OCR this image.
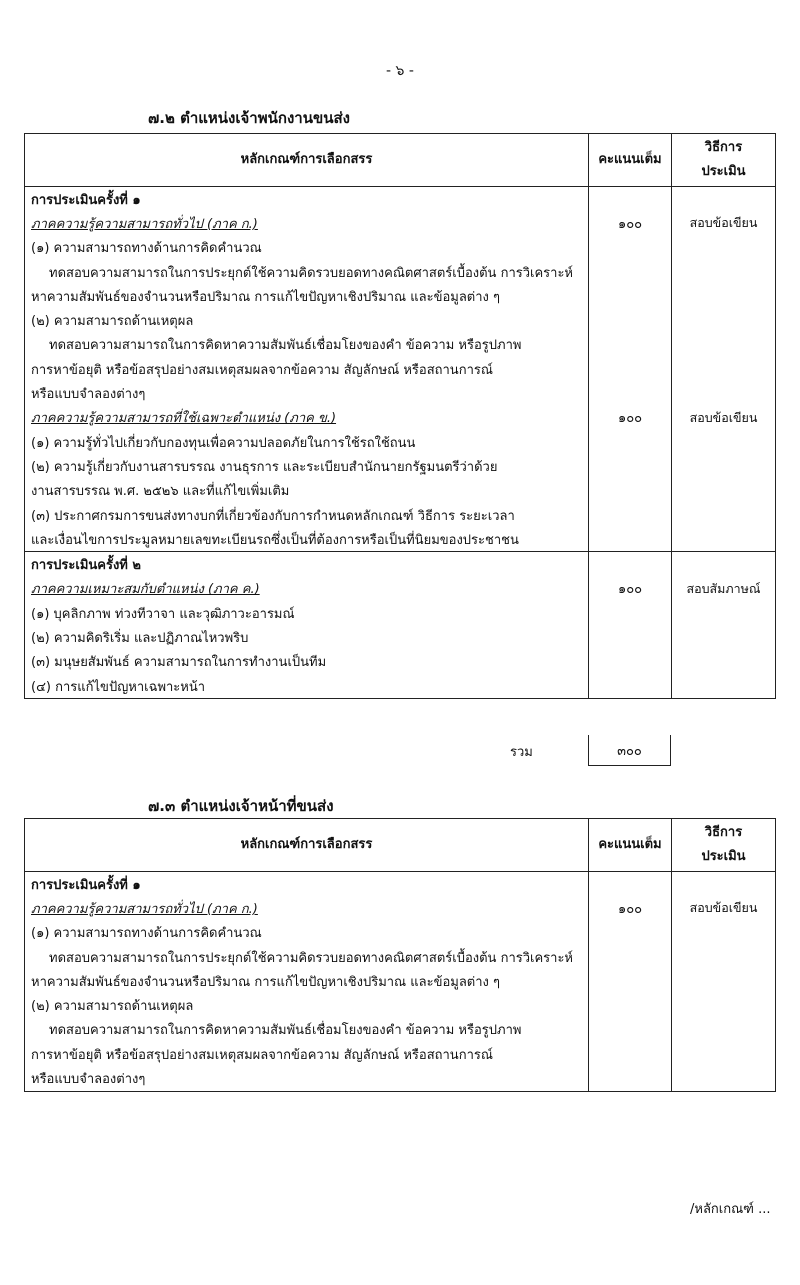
- ๖ -
๗.๒ ตำแหน่งเจ้าพนักงานขนส่ง
หลักเกณฑ์การเลือกสรร	คะแนนเต็ม
วิธีการ
ประเมิน
การประเมินครั้งที่ ๑
ภาคความรู้ความสามารถทั่วไป (ภาค ก.)	๑๐๐	สอบข้อเขียน
(๑) ความสามารถทางด้านการคิดคำนวณ
ทดสอบความสามารถในการประยุกต์ใช้ความคิดรวบยอดทางคณิตศาสตร์เบื้องต้น การวิเคราะห์
หาความสัมพันธ์ของจำนวนหรือปริมาณ การแก้ไขปัญหาเชิงปริมาณ และข้อมูลต่าง ๆ
(๒) ความสามารถด้านเหตุผล
ทดสอบความสามารถในการคิดหาความสัมพันธ์เชื่อมโยงของคำ ข้อความ หรือรูปภาพ
การหาข้อยุติ หรือข้อสรุปอย่างสมเหตุสมผลจากข้อความ สัญลักษณ์ หรือสถานการณ์
หรือแบบจำลองต่างๆ
ภาคความรู้ความสามารถที่ใช้เฉพาะตำแหน่ง (ภาค ข.)	๑๐๐	สอบข้อเขียน
(๑) ความรู้ทั่วไปเกี่ยวกับกองทุนเพื่อความปลอดภัยในการใช้รถใช้ถนน
(๒) ความรู้เกี่ยวกับงานสารบรรณ งานธุรการ และระเบียบสำนักนายกรัฐมนตรีว่าด้วย
งานสารบรรณ พ.ศ. ๒๕๒๖ และที่แก้ไขเพิ่มเติม
(๓) ประกาศกรมการขนส่งทางบกที่เกี่ยวข้องกับการกำหนดหลักเกณฑ์ วิธีการ ระยะเวลา
และเงื่อนไขการประมูลหมายเลขทะเบียนรถซึ่งเป็นที่ต้องการหรือเป็นที่นิยมของประชาชน
การประเมินครั้งที่ ๒
ภาคความเหมาะสมกับตำแหน่ง (ภาค ค.)	๑๐๐	สอบสัมภาษณ์
(๑) บุคลิกภาพ ท่วงทีวาจา และวุฒิภาวะอารมณ์
(๒) ความคิดริเริ่ม และปฏิภาณไหวพริบ
(๓) มนุษยสัมพันธ์ ความสามารถในการทำงานเป็นทีม
(๔) การแก้ไขปัญหาเฉพาะหน้า
รวม	๓๐๐
๗.๓ ตำแหน่งเจ้าหน้าที่ขนส่ง
หลักเกณฑ์การเลือกสรร	คะแนนเต็ม
วิธีการ
ประเมิน
การประเมินครั้งที่ ๑
ภาคความรู้ความสามารถทั่วไป (ภาค ก.)	๑๐๐	สอบข้อเขียน
(๑) ความสามารถทางด้านการคิดคำนวณ
ทดสอบความสามารถในการประยุกต์ใช้ความคิดรวบยอดทางคณิตศาสตร์เบื้องต้น การวิเคราะห์
หาความสัมพันธ์ของจำนวนหรือปริมาณ การแก้ไขปัญหาเชิงปริมาณ และข้อมูลต่าง ๆ
(๒) ความสามารถด้านเหตุผล
ทดสอบความสามารถในการคิดหาความสัมพันธ์เชื่อมโยงของคำ ข้อความ หรือรูปภาพ
การหาข้อยุติ หรือข้อสรุปอย่างสมเหตุสมผลจากข้อความ สัญลักษณ์ หรือสถานการณ์
หรือแบบจำลองต่างๆ
/หลักเกณฑ์ ...
